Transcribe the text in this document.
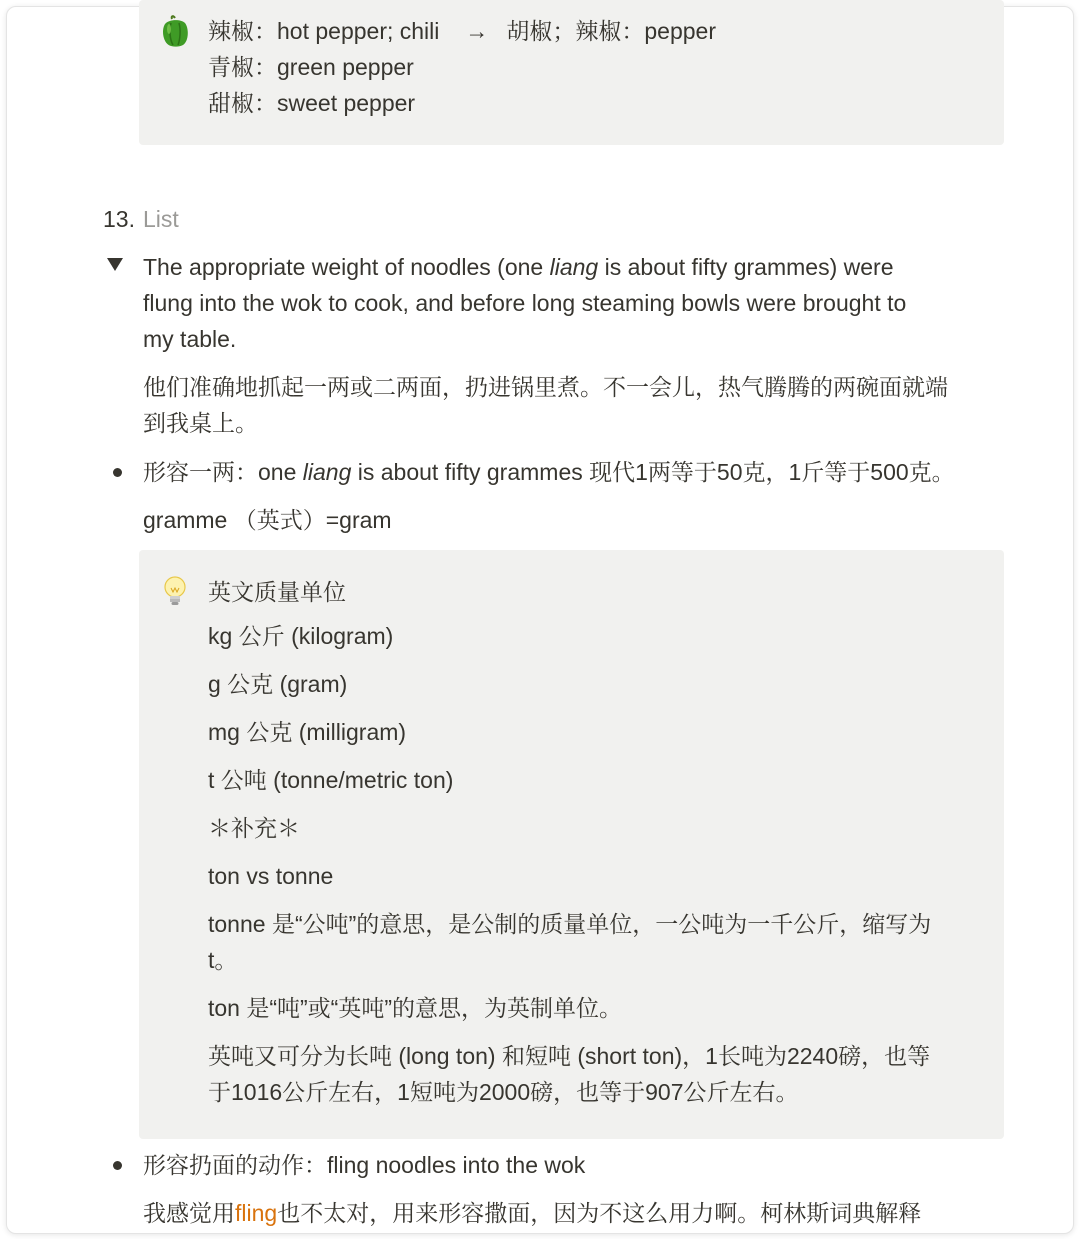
辣椒：hot pepper; chili → 胡椒；辣椒：pepper
青椒：green pepper
甜椒：sweet pepper
13. List
The appropriate weight of noodles (one liang is about fifty grammes) were
flung into the wok to cook, and before long steaming bowls were brought to
my table.
他们准确地抓起一两或二两面，扔进锅里煮。不一会儿，热气腾腾的两碗面就端
到我桌上。
形容一两：one liang is about fifty grammes 现代1两等于50克，1斤等于500克。
gramme （英式）=gram
英文质量单位
kg 公斤 (kilogram)
g 公克 (gram)
mg 公克 (milligram)
t 公吨 (tonne/metric ton)
＊补充＊
ton vs tonne
tonne 是“公吨”的意思，是公制的质量单位，一公吨为一千公斤，缩写为
t。
ton 是“吨”或“英吨”的意思，为英制单位。
英吨又可分为长吨 (long ton) 和短吨 (short ton)，1长吨为2240磅，也等
于1016公斤左右，1短吨为2000磅，也等于907公斤左右。
形容扔面的动作：fling noodles into the wok
我感觉用fling也不太对，用来形容撒面，因为不这么用力啊。柯林斯词典解释
